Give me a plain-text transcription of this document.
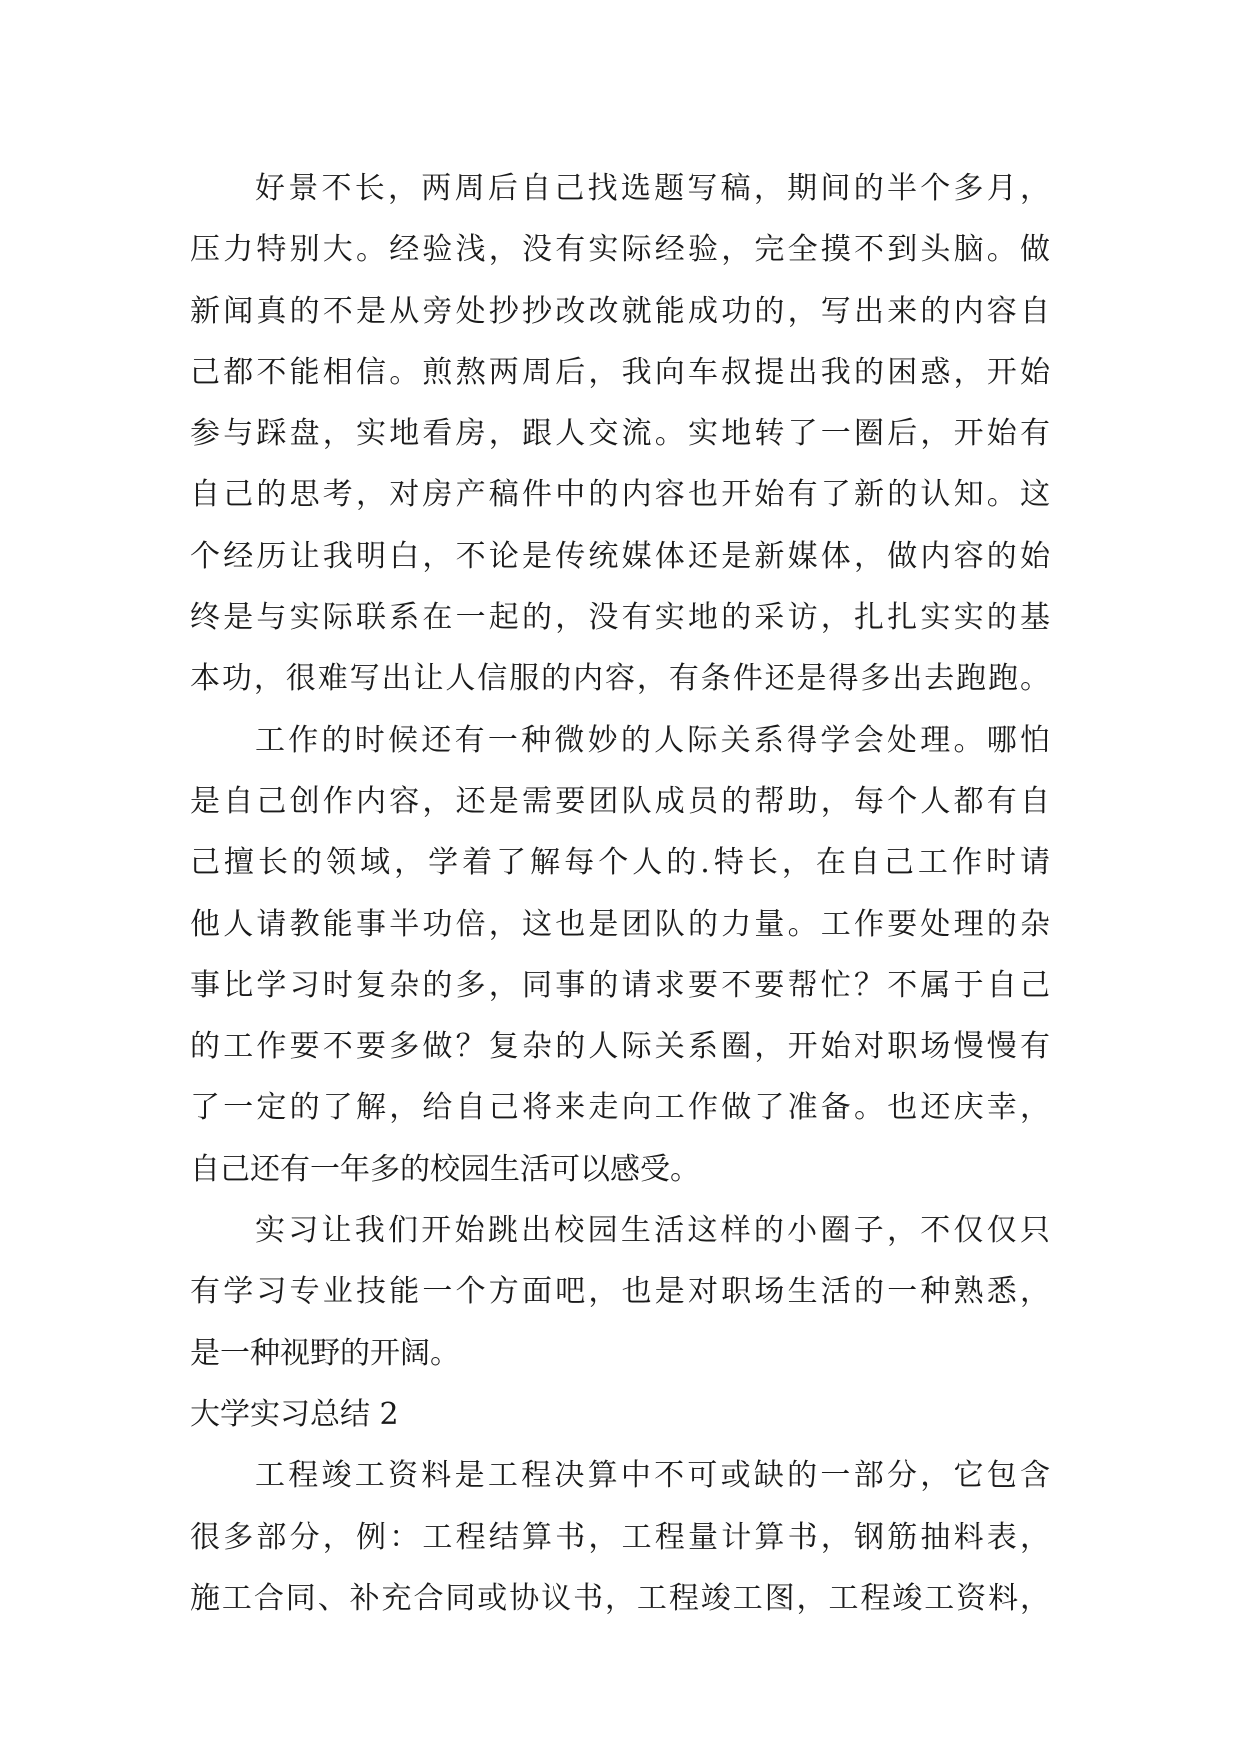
好景不长，两周后自己找选题写稿，期间的半个多月，
压力特别大。经验浅，没有实际经验，完全摸不到头脑。做
新闻真的不是从旁处抄抄改改就能成功的，写出来的内容自
己都不能相信。煎熬两周后，我向车叔提出我的困惑，开始
参与踩盘，实地看房，跟人交流。实地转了一圈后，开始有
自己的思考，对房产稿件中的内容也开始有了新的认知。这
个经历让我明白，不论是传统媒体还是新媒体，做内容的始
终是与实际联系在一起的，没有实地的采访，扎扎实实的基
本功，很难写出让人信服的内容，有条件还是得多出去跑跑。
工作的时候还有一种微妙的人际关系得学会处理。哪怕
是自己创作内容，还是需要团队成员的帮助，每个人都有自
己擅长的领域，学着了解每个人的.特长，在自己工作时请
他人请教能事半功倍，这也是团队的力量。工作要处理的杂
事比学习时复杂的多，同事的请求要不要帮忙？不属于自己
的工作要不要多做？复杂的人际关系圈，开始对职场慢慢有
了一定的了解，给自己将来走向工作做了准备。也还庆幸，
自己还有一年多的校园生活可以感受。
实习让我们开始跳出校园生活这样的小圈子，不仅仅只
有学习专业技能一个方面吧，也是对职场生活的一种熟悉，
是一种视野的开阔。
大学实习总结 2
工程竣工资料是工程决算中不可或缺的一部分，它包含
很多部分，例：工程结算书，工程量计算书，钢筋抽料表，
施工合同、补充合同或协议书，工程竣工图，工程竣工资料，
